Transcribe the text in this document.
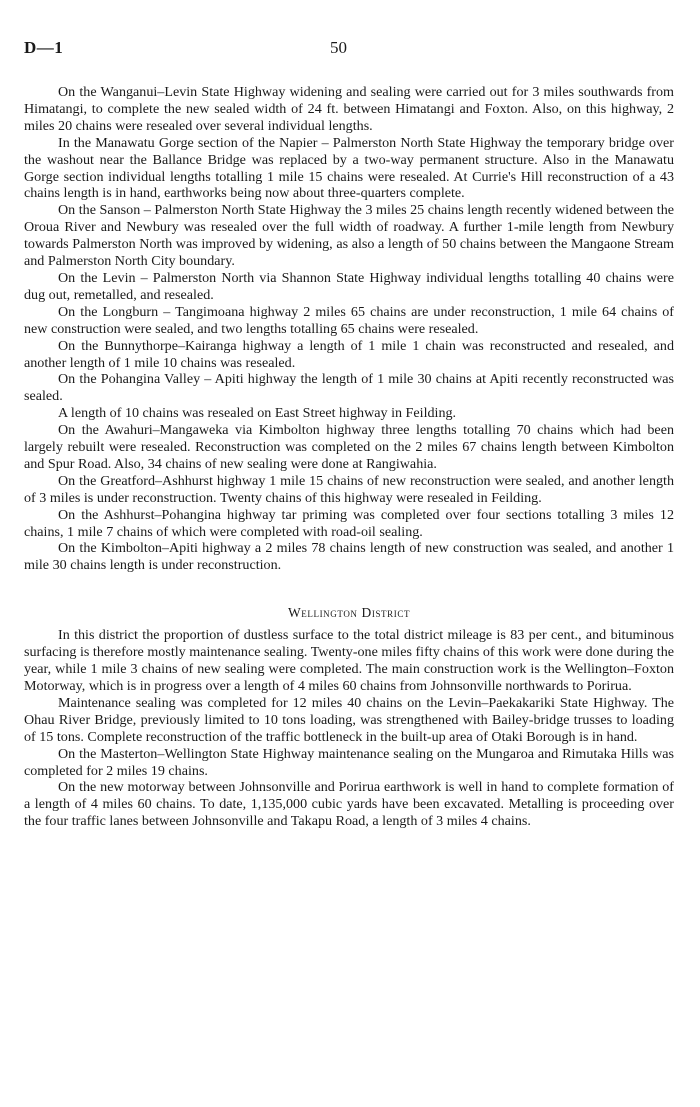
D—1	50

On the Wanganui–Levin State Highway widening and sealing were carried out for 3 miles southwards from Himatangi, to complete the new sealed width of 24 ft. between Himatangi and Foxton. Also, on this highway, 2 miles 20 chains were resealed over several individual lengths.

In the Manawatu Gorge section of the Napier – Palmerston North State Highway the temporary bridge over the washout near the Ballance Bridge was replaced by a two-way permanent structure. Also in the Manawatu Gorge section individual lengths totalling 1 mile 15 chains were resealed. At Currie's Hill reconstruction of a 43 chains length is in hand, earthworks being now about three-quarters complete.

On the Sanson – Palmerston North State Highway the 3 miles 25 chains length recently widened between the Oroua River and Newbury was resealed over the full width of roadway. A further 1-mile length from Newbury towards Palmerston North was improved by widening, as also a length of 50 chains between the Mangaone Stream and Palmerston North City boundary.

On the Levin – Palmerston North via Shannon State Highway individual lengths totalling 40 chains were dug out, remetalled, and resealed.

On the Longburn – Tangimoana highway 2 miles 65 chains are under reconstruction, 1 mile 64 chains of new construction were sealed, and two lengths totalling 65 chains were resealed.

On the Bunnythorpe–Kairanga highway a length of 1 mile 1 chain was reconstructed and resealed, and another length of 1 mile 10 chains was resealed.

On the Pohangina Valley – Apiti highway the length of 1 mile 30 chains at Apiti recently reconstructed was sealed.

A length of 10 chains was resealed on East Street highway in Feilding.

On the Awahuri–Mangaweka via Kimbolton highway three lengths totalling 70 chains which had been largely rebuilt were resealed. Reconstruction was completed on the 2 miles 67 chains length between Kimbolton and Spur Road. Also, 34 chains of new sealing were done at Rangiwahia.

On the Greatford–Ashhurst highway 1 mile 15 chains of new reconstruction were sealed, and another length of 3 miles is under reconstruction. Twenty chains of this highway were resealed in Feilding.

On the Ashhurst–Pohangina highway tar priming was completed over four sections totalling 3 miles 12 chains, 1 mile 7 chains of which were completed with road-oil sealing.

On the Kimbolton–Apiti highway a 2 miles 78 chains length of new construction was sealed, and another 1 mile 30 chains length is under reconstruction.

Wellington District

In this district the proportion of dustless surface to the total district mileage is 83 per cent., and bituminous surfacing is therefore mostly maintenance sealing. Twenty-one miles fifty chains of this work were done during the year, while 1 mile 3 chains of new sealing were completed. The main construction work is the Wellington–Foxton Motorway, which is in progress over a length of 4 miles 60 chains from Johnsonville northwards to Porirua.

Maintenance sealing was completed for 12 miles 40 chains on the Levin–Paekakariki State Highway. The Ohau River Bridge, previously limited to 10 tons loading, was strengthened with Bailey-bridge trusses to loading of 15 tons. Complete reconstruction of the traffic bottleneck in the built-up area of Otaki Borough is in hand.

On the Masterton–Wellington State Highway maintenance sealing on the Mungaroa and Rimutaka Hills was completed for 2 miles 19 chains.

On the new motorway between Johnsonville and Porirua earthwork is well in hand to complete formation of a length of 4 miles 60 chains. To date, 1,135,000 cubic yards have been excavated. Metalling is proceeding over the four traffic lanes between Johnsonville and Takapu Road, a length of 3 miles 4 chains.
